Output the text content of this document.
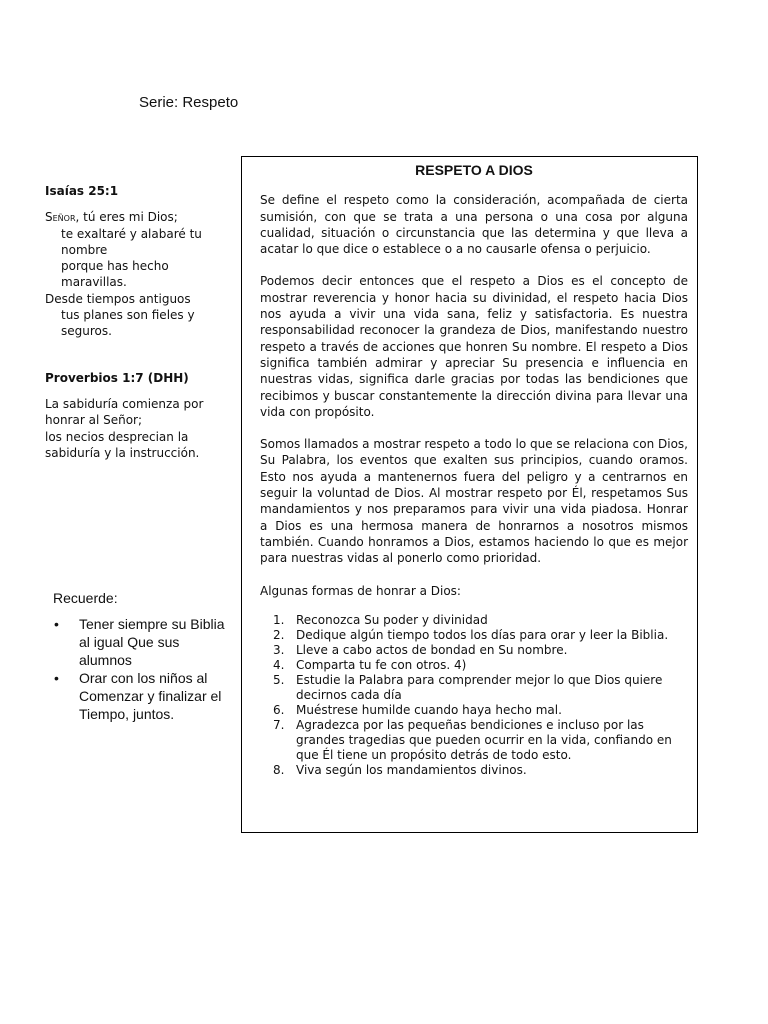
Serie: Respeto
Isaías 25:1
Señor, tú eres mi Dios;
te exaltaré y alabaré tu nombre
porque has hecho maravillas.
Desde tiempos antiguos
tus planes son fieles y seguros.
Proverbios 1:7 (DHH)
La sabiduría comienza por honrar al Señor;
los necios desprecian la sabiduría y la instrucción.
Recuerde:
• Tener siempre su Biblia al igual Que sus alumnos
• Orar con los niños al Comenzar y finalizar el Tiempo, juntos.
RESPETO A DIOS

Se define el respeto como la consideración, acompañada de cierta sumisión, con que se trata a una persona o una cosa por alguna cualidad, situación o circunstancia que las determina y que lleva a acatar lo que dice o establece o a no causarle ofensa o perjuicio.

Podemos decir entonces que el respeto a Dios es el concepto de mostrar reverencia y honor hacia su divinidad, el respeto hacia Dios nos ayuda a vivir una vida sana, feliz y satisfactoria. Es nuestra responsabilidad reconocer la grandeza de Dios, manifestando nuestro respeto a través de acciones que honren Su nombre. El respeto a Dios significa también admirar y apreciar Su presencia e influencia en nuestras vidas, significa darle gracias por todas las bendiciones que recibimos y buscar constantemente la dirección divina para llevar una vida con propósito.

Somos llamados a mostrar respeto a todo lo que se relaciona con Dios, Su Palabra, los eventos que exalten sus principios, cuando oramos. Esto nos ayuda a mantenernos fuera del peligro y a centrarnos en seguir la voluntad de Dios. Al mostrar respeto por Él, respetamos Sus mandamientos y nos preparamos para vivir una vida piadosa. Honrar a Dios es una hermosa manera de honrarnos a nosotros mismos también. Cuando honramos a Dios, estamos haciendo lo que es mejor para nuestras vidas al ponerlo como prioridad.

Algunas formas de honrar a Dios:

1. Reconozca Su poder y divinidad
2. Dedique algún tiempo todos los días para orar y leer la Biblia.
3. Lleve a cabo actos de bondad en Su nombre.
4. Comparta tu fe con otros. 4)
5. Estudie la Palabra para comprender mejor lo que Dios quiere decirnos cada día
6. Muéstrese humilde cuando haya hecho mal.
7. Agradezca por las pequeñas bendiciones e incluso por las grandes tragedias que pueden ocurrir en la vida, confiando en que Él tiene un propósito detrás de todo esto.
8. Viva según los mandamientos divinos.
